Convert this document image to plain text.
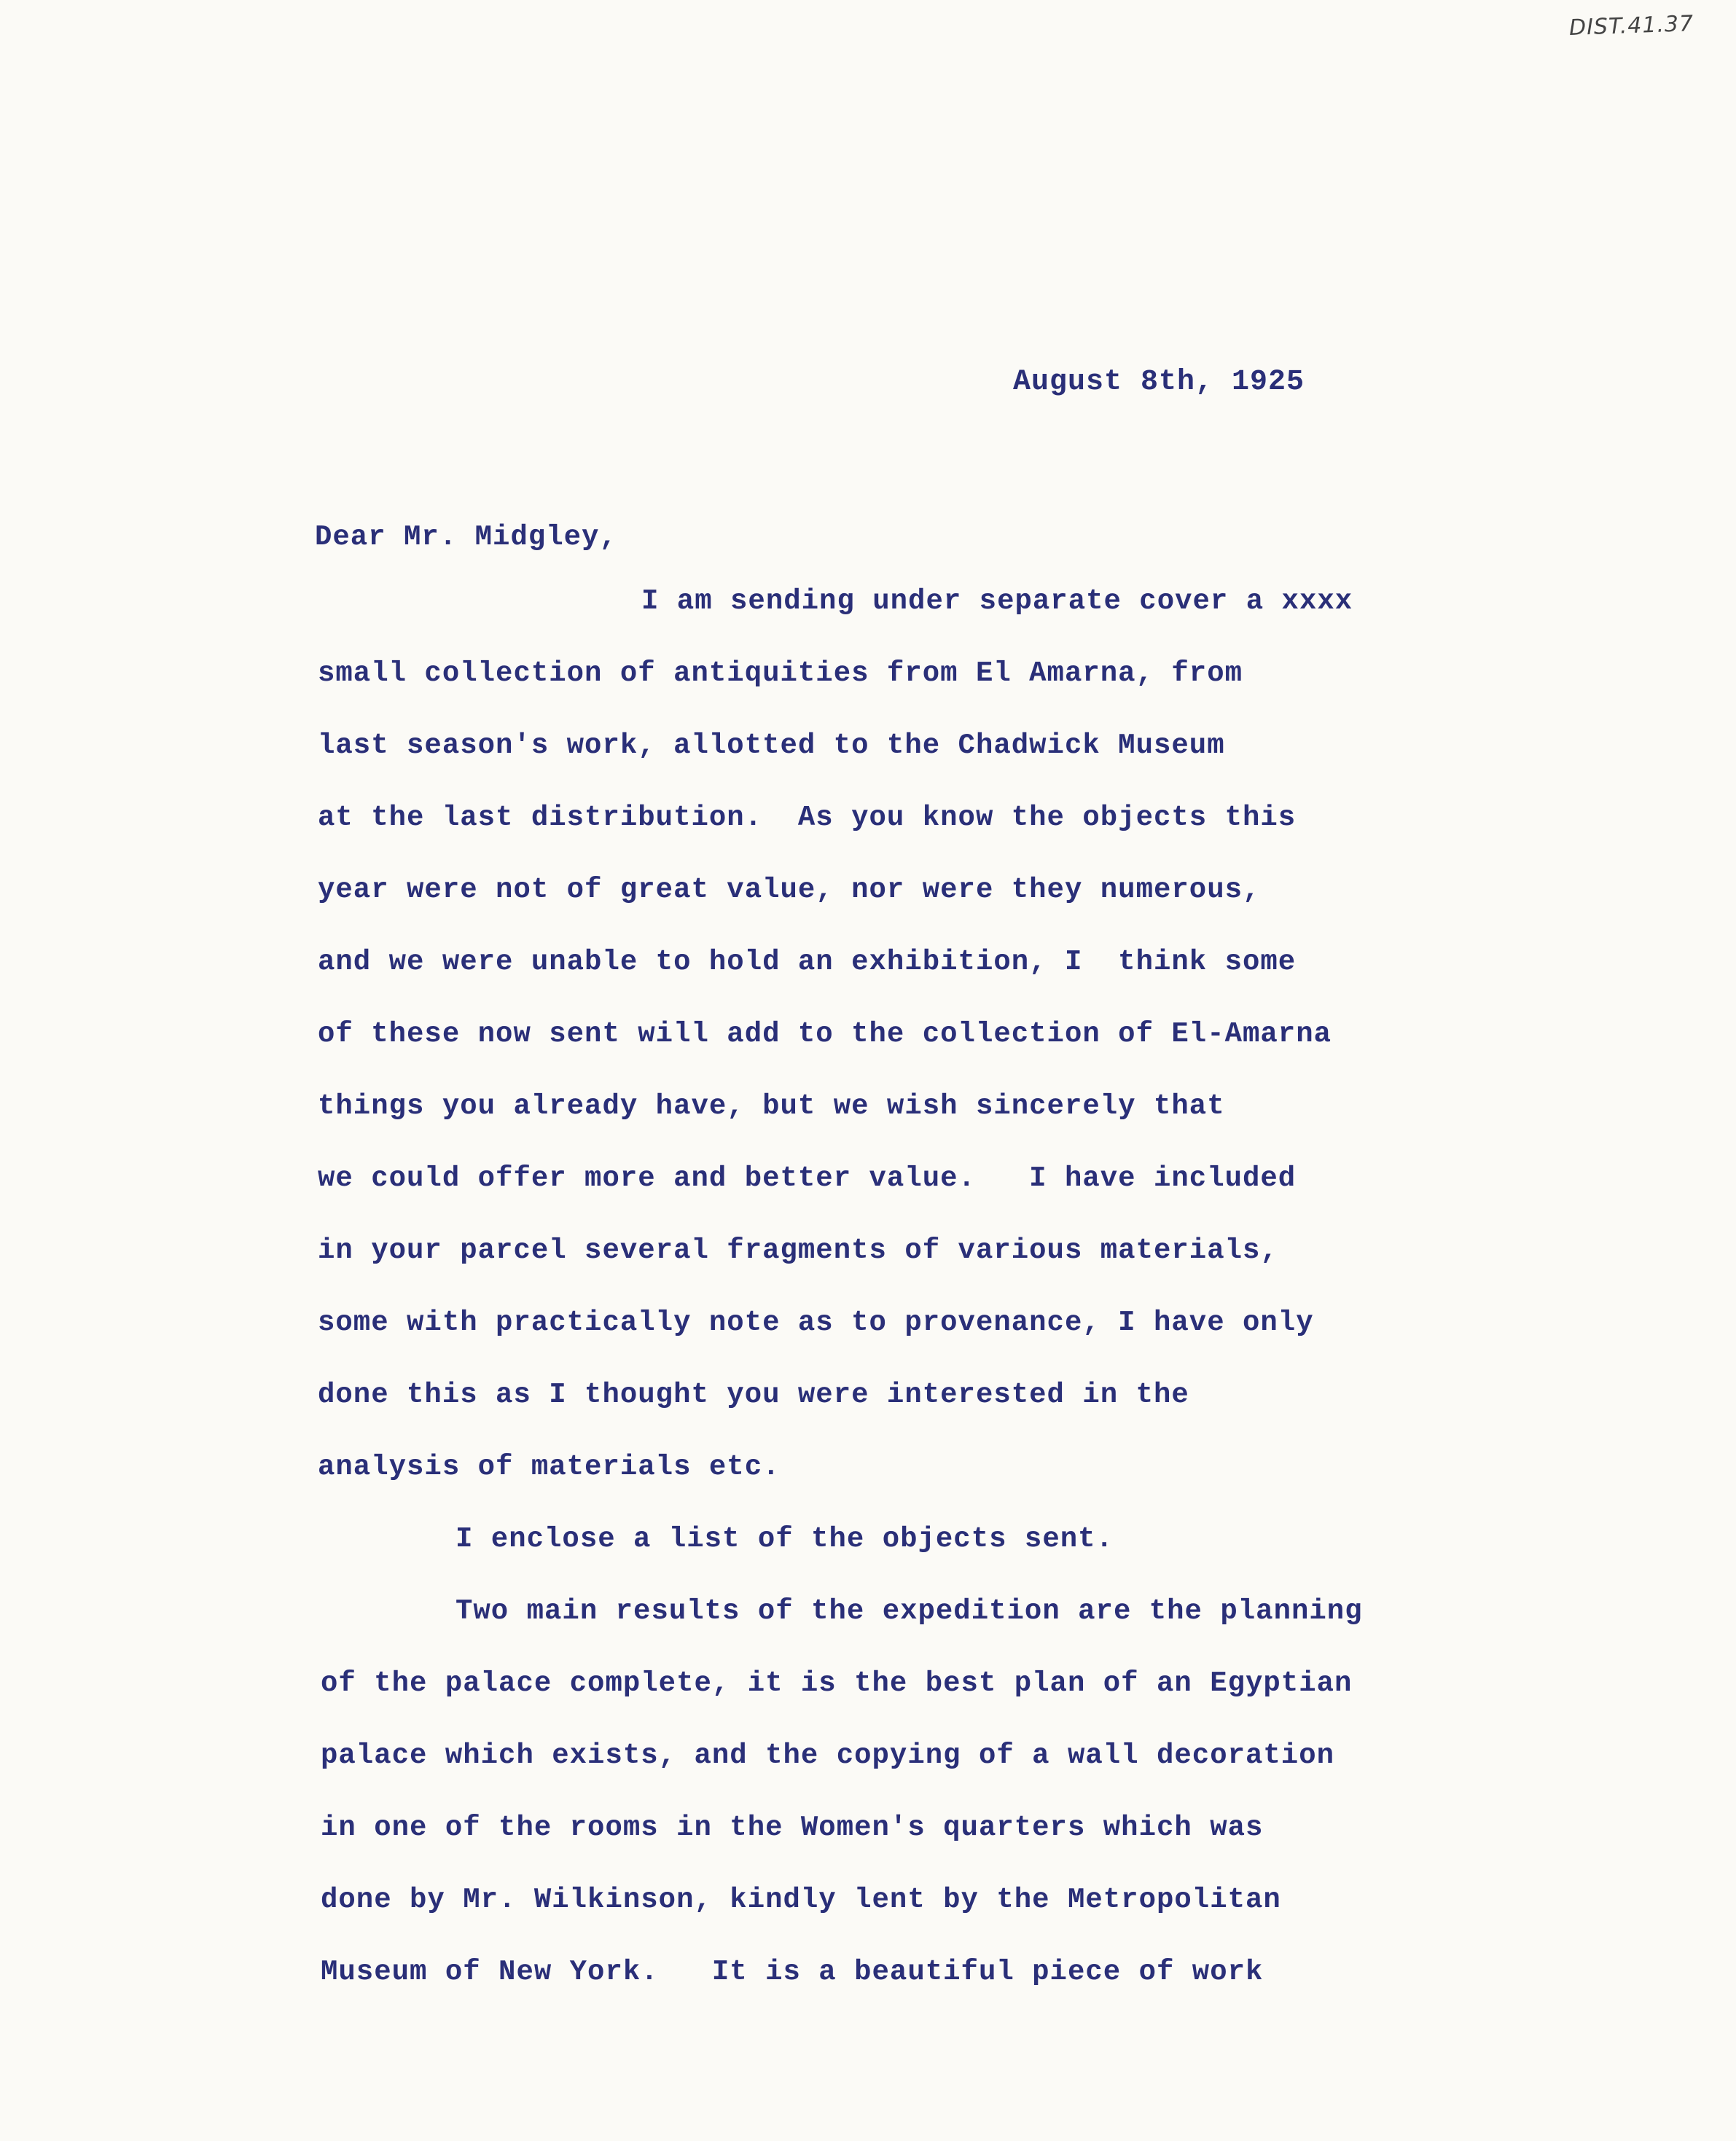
DIST.41.37
August 8th, 1925
Dear Mr. Midgley,
I am sending under separate cover a xxxx
small collection of antiquities from El Amarna, from
last season's work, allotted to the Chadwick Museum
at the last distribution.  As you know the objects this
year were not of great value, nor were they numerous,
and we were unable to hold an exhibition, I  think some
of these now sent will add to the collection of El-Amarna
things you already have, but we wish sincerely that
we could offer more and better value.   I have included
in your parcel several fragments of various materials,
some with practically note as to provenance, I have only
done this as I thought you were interested in the
analysis of materials etc.
I enclose a list of the objects sent.
Two main results of the expedition are the planning
of the palace complete, it is the best plan of an Egyptian
palace which exists, and the copying of a wall decoration
in one of the rooms in the Women's quarters which was
done by Mr. Wilkinson, kindly lent by the Metropolitan
Museum of New York.   It is a beautiful piece of work
